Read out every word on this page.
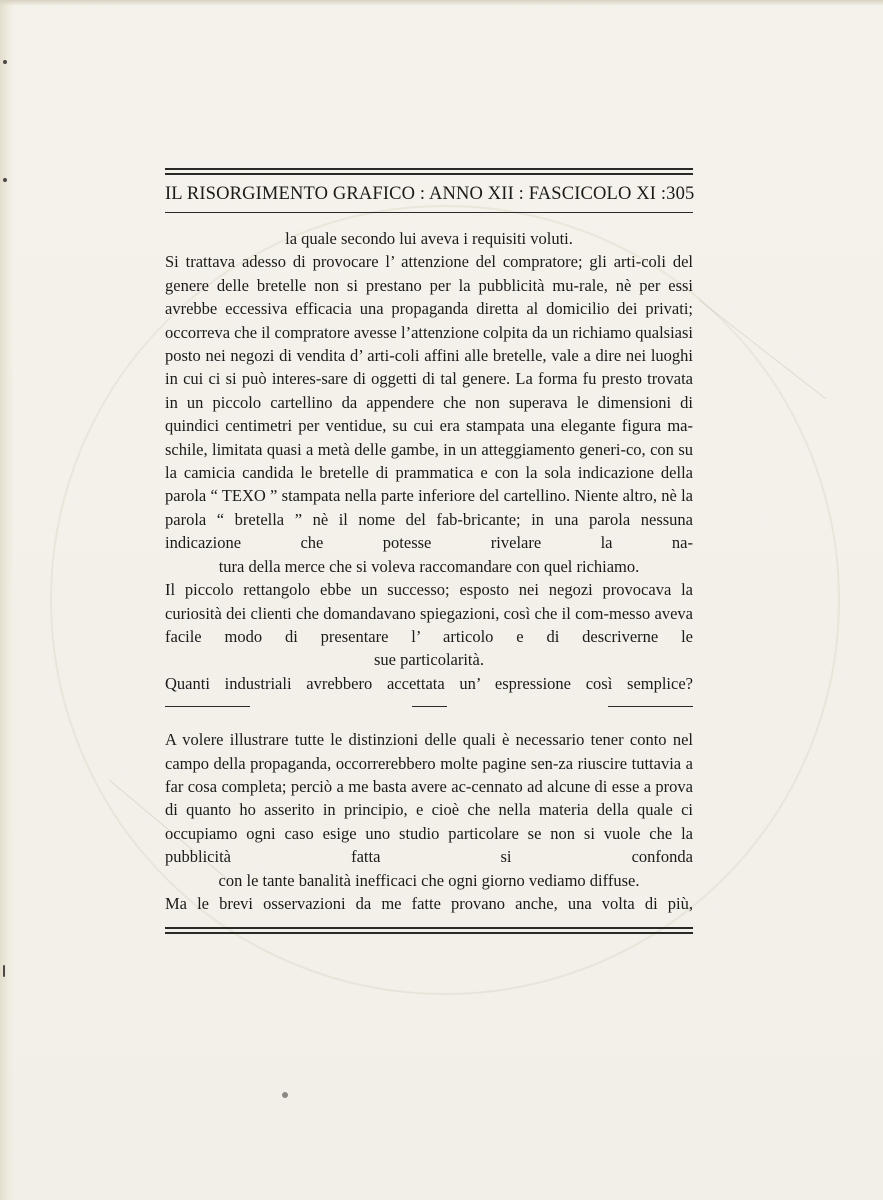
IL RISORGIMENTO GRAFICO : ANNO XII : FASCICOLO XI : 305

la quale secondo lui aveva i requisiti voluti.

Si trattava adesso di provocare l’ attenzione del compratore; gli arti-coli del genere delle bretelle non si prestano per la pubblicità mu-rale, nè per essi avrebbe eccessiva efficacia una propaganda diretta al domicilio dei privati; occorreva che il compratore avesse l’attenzione colpita da un richiamo qualsiasi posto nei negozi di vendita d’ arti-coli affini alle bretelle, vale a dire nei luoghi in cui ci si può interes-sare di oggetti di tal genere. La forma fu presto trovata in un piccolo cartellino da appendere che non superava le dimensioni di quindici centimetri per ventidue, su cui era stampata una elegante figura ma-schile, limitata quasi a metà delle gambe, in un atteggiamento generi-co, con su la camicia candida le bretelle di prammatica e con la sola indicazione della parola “ TEXO ” stampata nella parte inferiore del cartellino. Niente altro, nè la parola “ bretella ” nè il nome del fab-bricante; in una parola nessuna indicazione che potesse rivelare la na-

tura della merce che si voleva raccomandare con quel richiamo.

Il piccolo rettangolo ebbe un successo; esposto nei negozi provocava la curiosità dei clienti che domandavano spiegazioni, così che il com-messo aveva facile modo di presentare l’ articolo e di descriverne le

sue particolarità.

Quanti industriali avrebbero accettata un’ espressione così semplice?

A volere illustrare tutte le distinzioni delle quali è necessario tener conto nel campo della propaganda, occorrerebbero molte pagine sen-za riuscire tuttavia a far cosa completa; perciò a me basta avere ac-cennato ad alcune di esse a prova di quanto ho asserito in principio, e cioè che nella materia della quale ci occupiamo ogni caso esige uno studio particolare se non si vuole che la pubblicità fatta si confonda

con le tante banalità inefficaci che ogni giorno vediamo diffuse.

Ma le brevi osservazioni da me fatte provano anche, una volta di più,
